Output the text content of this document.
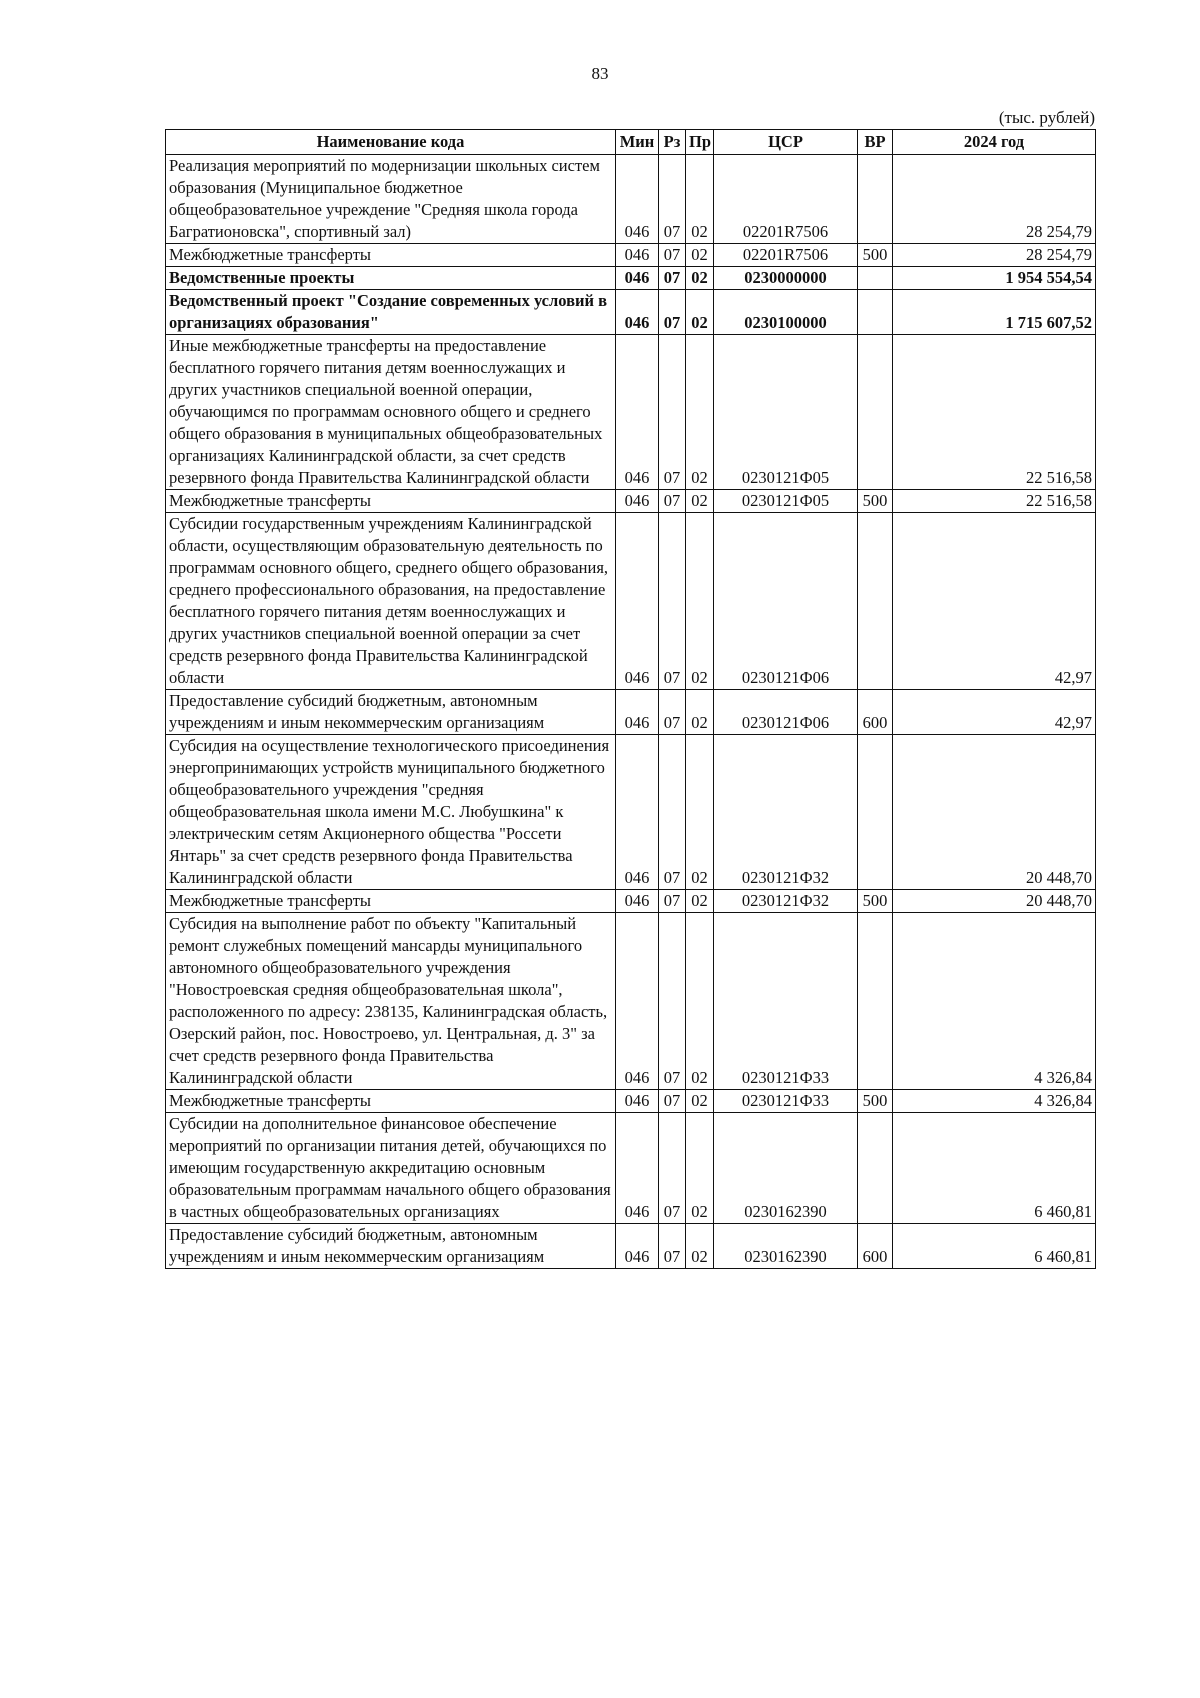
83
(тыс. рублей)
Наименование кода	Мин	Рз	Пр	ЦСР	ВР	2024 год
Реализация мероприятий по модернизации школьных систем образования (Муниципальное бюджетное общеобразовательное учреждение "Средняя школа города Багратионовска", спортивный зал)	046	07	02	02201R7506		28 254,79
Межбюджетные трансферты	046	07	02	02201R7506	500	28 254,79
Ведомственные проекты	046	07	02	0230000000		1 954 554,54
Ведомственный проект "Создание современных условий в организациях образования"	046	07	02	0230100000		1 715 607,52
Иные межбюджетные трансферты на предоставление бесплатного горячего питания детям военнослужащих и других участников специальной военной операции, обучающимся по программам основного общего и среднего общего образования в муниципальных общеобразовательных организациях Калининградской области, за счет средств резервного фонда Правительства Калининградской области	046	07	02	0230121Ф05		22 516,58
Межбюджетные трансферты	046	07	02	0230121Ф05	500	22 516,58
Субсидии государственным учреждениям Калининградской области, осуществляющим образовательную деятельность по программам основного общего, среднего общего образования, среднего профессионального образования, на предоставление бесплатного горячего питания детям военнослужащих и других участников специальной военной операции за счет средств резервного фонда Правительства Калининградской области	046	07	02	0230121Ф06		42,97
Предоставление субсидий бюджетным, автономным учреждениям и иным некоммерческим организациям	046	07	02	0230121Ф06	600	42,97
Субсидия на осуществление технологического присоединения энергопринимающих устройств муниципального бюджетного общеобразовательного учреждения "средняя общеобразовательная школа имени М.С. Любушкина" к электрическим сетям Акционерного общества "Россети Янтарь" за счет средств резервного фонда Правительства Калининградской области	046	07	02	0230121Ф32		20 448,70
Межбюджетные трансферты	046	07	02	0230121Ф32	500	20 448,70
Субсидия на выполнение работ по объекту "Капитальный ремонт служебных помещений мансарды муниципального автономного общеобразовательного учреждения "Новостроевская средняя общеобразовательная школа", расположенного по адресу: 238135, Калининградская область, Озерский район, пос. Новостроево, ул. Центральная, д. 3" за счет средств резервного фонда Правительства Калининградской области	046	07	02	0230121Ф33		4 326,84
Межбюджетные трансферты	046	07	02	0230121Ф33	500	4 326,84
Субсидии на дополнительное финансовое обеспечение мероприятий по организации питания детей, обучающихся по имеющим государственную аккредитацию основным образовательным программам начального общего образования в частных общеобразовательных организациях	046	07	02	0230162390		6 460,81
Предоставление субсидий бюджетным, автономным учреждениям и иным некоммерческим организациям	046	07	02	0230162390	600	6 460,81
